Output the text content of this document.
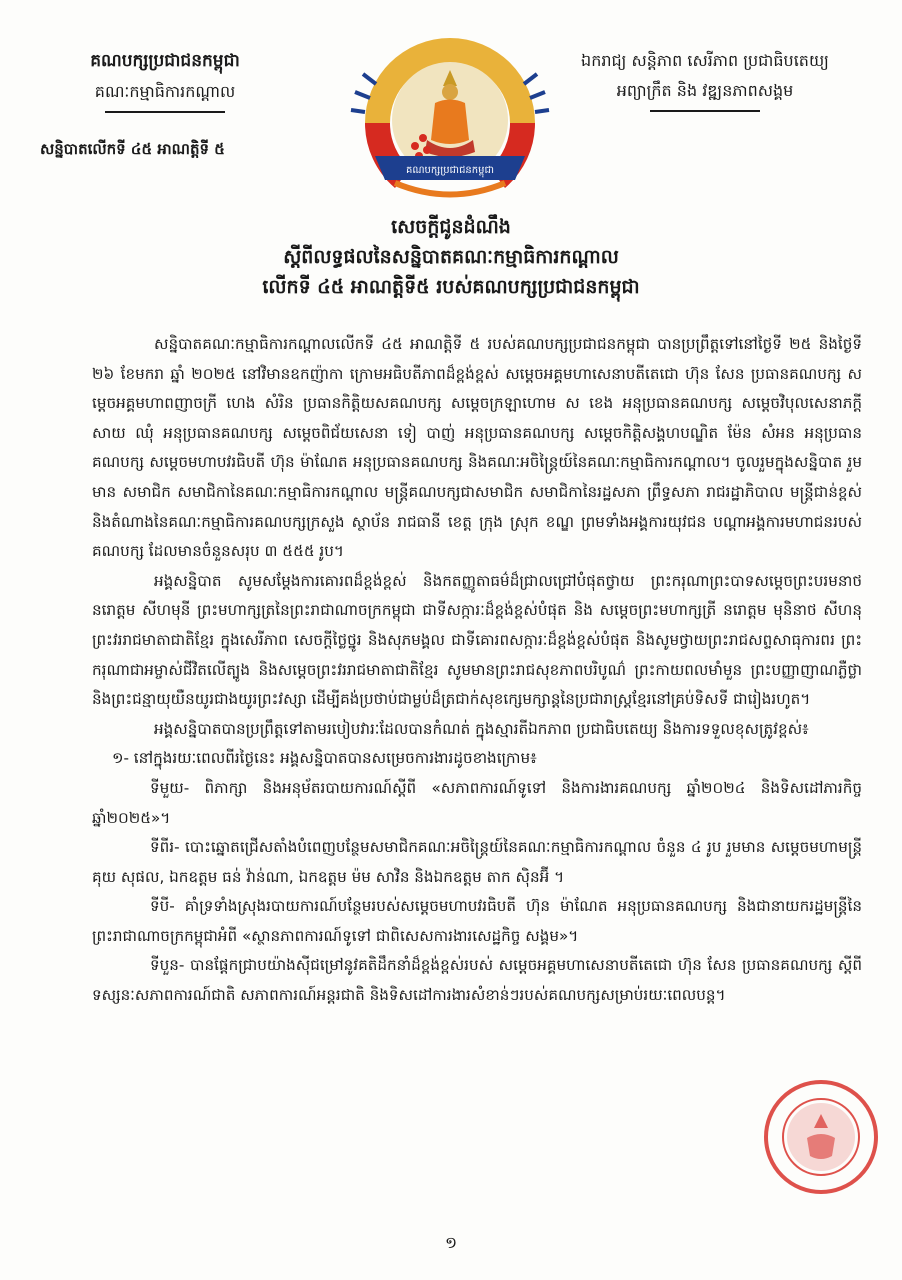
គណបក្សប្រជាជនកម្ពុជា
គណៈកម្មាធិការកណ្តាល
សន្និបាតលើកទី ៤៥ អាណត្តិទី ៥
ឯករាជ្យ សន្តិភាព សេរីភាព ប្រជាធិបតេយ្យ
អព្យាក្រឹត និង វឌ្ឍនភាពសង្គម
គណបក្សប្រជាជនកម្ពុជា
សេចក្តីជូនដំណឹង
ស្តីពីលទ្ធផលនៃសន្និបាតគណៈកម្មាធិការកណ្តាល
លើកទី ៤៥ អាណត្តិទី៥ របស់គណបក្សប្រជាជនកម្ពុជា

សន្និបាតគណៈកម្មាធិការកណ្តាលលើកទី ៤៥ អាណត្តិទី ៥ របស់គណបក្សប្រជាជនកម្ពុជា បានប្រព្រឹត្តទៅនៅថ្ងៃទី ២៥ និងថ្ងៃទី ២៦ ខែមករា ឆ្នាំ ២០២៥ នៅវិមានឧកញ៉ាកា ក្រោមអធិបតីភាពដ៏ខ្ពង់ខ្ពស់ សម្តេចអគ្គមហាសេនាបតីតេជោ ហ៊ុន សែន ប្រធានគណបក្ស សម្តេចអគ្គមហាពញាចក្រី ហេង សំរិន ប្រធានកិត្តិយសគណបក្ស សម្តេចក្រឡាហោម ស ខេង អនុប្រធានគណបក្ស សម្តេចវិបុលសេនាភក្តី សាយ ឈុំ អនុប្រធានគណបក្ស សម្តេចពិជ័យសេនា ទៀ បាញ់ អនុប្រធានគណបក្ស សម្តេចកិត្តិសង្គហបណ្ឌិត ម៉ែន សំអន អនុប្រធានគណបក្ស សម្តេចមហាបវរធិបតី ហ៊ុន ម៉ាណែត អនុប្រធានគណបក្ស និងគណៈអចិន្ត្រៃយ៍នៃគណៈកម្មាធិការកណ្តាល។ ចូលរួមក្នុងសន្និបាត រួមមាន សមាជិក សមាជិកានៃគណៈកម្មាធិការកណ្តាល មន្ត្រីគណបក្សជាសមាជិក សមាជិកានៃរដ្ឋសភា ព្រឹទ្ធសភា រាជរដ្ឋាភិបាល មន្ត្រីជាន់ខ្ពស់ និងតំណាងនៃគណៈកម្មាធិការគណបក្សក្រសួង ស្ថាប័ន រាជធានី ខេត្ត ក្រុង ស្រុក ខណ្ឌ ព្រមទាំងអង្គការយុវជន បណ្តាអង្គការមហាជនរបស់គណបក្ស ដែលមានចំនួនសរុប ៣ ៥៥៥ រូប។

អង្គសន្និបាត សូមសម្តែងការគោរពដ៏ខ្ពង់ខ្ពស់ និងកតញ្ញូតាធម៌ដ៏ជ្រាលជ្រៅបំផុតថ្វាយ ព្រះករុណាព្រះបាទសម្តេចព្រះបរមនាថ នរោត្តម សីហមុនី ព្រះមហាក្សត្រនៃព្រះរាជាណាចក្រកម្ពុជា ជាទីសក្ការៈដ៏ខ្ពង់ខ្ពស់បំផុត និង សម្តេចព្រះមហាក្សត្រី នរោត្តម មុនិនាថ សីហនុ ព្រះវររាជមាតាជាតិខ្មែរ ក្នុងសេរីភាព សេចក្តីថ្លៃថ្នូរ និងសុភមង្គល ជាទីគោរពសក្ការៈដ៏ខ្ពង់ខ្ពស់បំផុត និងសូមថ្វាយព្រះរាជសព្ទសាធុការពរ ព្រះករុណាជាអម្ចាស់ជីវិតលើត្បូង និងសម្តេចព្រះវររាជមាតាជាតិខ្មែរ សូមមានព្រះរាជសុខភាពបរិបូណ៌ ព្រះកាយពលមាំមួន ព្រះបញ្ញាញាណភ្លឺថ្លា និងព្រះជន្មាយុយឺនយូរជាងយូរព្រះវស្សា ដើម្បីគង់ប្រថាប់ជាម្លប់ដ៏ត្រជាក់សុខក្សេមក្សាន្តនៃប្រជារាស្ត្រខ្មែរនៅគ្រប់ទិសទី ជារៀងរហូត។

អង្គសន្និបាតបានប្រព្រឹត្តទៅតាមរបៀបវារៈដែលបានកំណត់ ក្នុងស្មារតីឯកភាព ប្រជាធិបតេយ្យ និងការទទួលខុសត្រូវខ្ពស់៖

១- នៅក្នុងរយៈពេលពីរថ្ងៃនេះ អង្គសន្និបាតបានសម្រេចការងារដូចខាងក្រោម៖

ទីមួយ- ពិភាក្សា និងអនុម័តរបាយការណ៍ស្តីពី «សភាពការណ៍ទូទៅ និងការងារគណបក្ស ឆ្នាំ២០២៤ និងទិសដៅភារកិច្ច ឆ្នាំ២០២៥»។

ទីពីរ- បោះឆ្នោតជ្រើសតាំងបំពេញបន្ថែមសមាជិកគណៈអចិន្ត្រៃយ៍នៃគណៈកម្មាធិការកណ្តាល ចំនួន ៤ រូប រួមមាន សម្តេចមហាមន្ត្រី គុយ សុផល, ឯកឧត្តម ធន់ វ៉ាន់ណា, ឯកឧត្តម ម៉ម សាវិន និងឯកឧត្តម តាក ស៊ិនអ៊ី ។

ទីបី- គាំទ្រទាំងស្រុងរបាយការណ៍បន្ថែមរបស់សម្តេចមហាបវរធិបតី ហ៊ុន ម៉ាណែត អនុប្រធានគណបក្ស និងជានាយករដ្ឋមន្ត្រីនៃព្រះរាជាណាចក្រកម្ពុជាអំពី «ស្ថានភាពការណ៍ទូទៅ ជាពិសេសការងារសេដ្ឋកិច្ច សង្គម»។

ទីបួន- បានផ្តែកជ្រាបយ៉ាងស៊ីជម្រៅនូវគតិដឹកនាំដ៏ខ្ពង់ខ្ពស់របស់ សម្តេចអគ្គមហាសេនាបតីតេជោ ហ៊ុន សែន ប្រធានគណបក្ស ស្តីពីទស្សនៈសភាពការណ៍ជាតិ សភាពការណ៍អន្តរជាតិ និងទិសដៅការងារសំខាន់ៗរបស់គណបក្សសម្រាប់រយៈពេលបន្ត។

១
